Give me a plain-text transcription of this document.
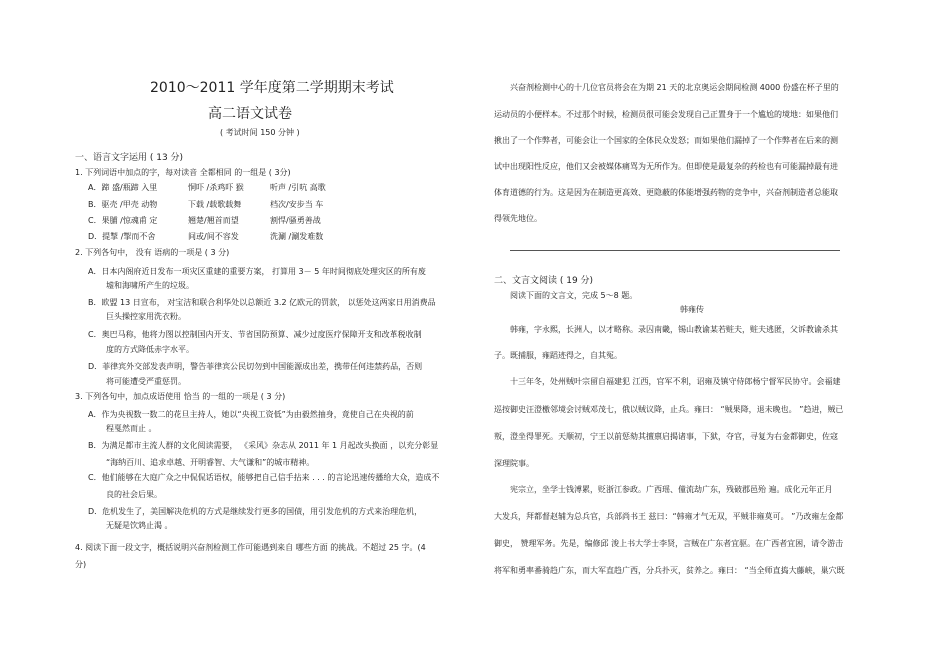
2010～2011 学年度第二学期期末考试
高二语文试卷
( 考试时间 150 分钟 )
一、语言文字运用 ( 13 分)
1. 下列词语中加点的字，每对读音 全都相同 的一组是 ( 3分)
A．蹄 盛/瓶蹄 入里	恫吓 /杀鸡吓 猴	听声 /引吭 高歌
B．驱壳 /甲壳 动物	下载 /载歌载舞	档次/安步当 车
C．果脯 /惊魂甫 定	翘楚/翘首而望	割悍/骚勇善战
D．提掣 /掣而不舍	间或/间不容发	洗涮 /涮发难数
2. 下列各句中， 没有 语病的一项是 ( 3 分)
A．日本内阁府近日发布一项灾区重建的重要方案， 打算用 3－ 5 年时间彻底处理灾区的所有废
墟和海啸所产生的垃圾。
B．欧盟 13 日宣布， 对宝洁和联合利华处以总额近 3.2 亿欧元的罚款， 以惩处这两家日用消费品
巨头操控家用洗衣粉。
C．奥巴马称，他将力图以控制国内开支、节省国防预算、减少过度医疗保障开支和改革税收制
度的方式降低赤字水平。
D．菲律宾外交部发表声明，警告菲律宾公民切勿到中国能源成出差，携带任何违禁药品，否则
将可能遭受严重惩罚。
3. 下列各句中，加点成语使用 恰当 的一组的一项是 ( 3 分)
A．作为央视数一数二的花旦主持人，她以“央视工资低”为由毅然抽身，竟使自己在央视的前
程戛然而止 。
B．为满足都市主流人群的文化阅读需要， 《采风》杂志从 2011 年 1 月起改头换面 ，以充分彰显
“海纳百川、追求卓越、开明睿智、大气谦和”的城市精神。
C．他们能够在大庭广众之中侃侃话语权，能够把自己信手拈来 . . . 的言论迅速传播给大众，造成不
良的社会后果。
D．危机发生了，美国解决危机的方式是继续发行更多的国债，用引发危机的方式来治理危机，
无疑是饮鸩止渴 。
4. 阅读下面一段文字，概括说明兴奋剂检测工作可能遇到来自 哪些方面 的挑战。不超过 25 字。(4
分)
兴奋剂检测中心的十几位官员将会在为期 21 天的北京奥运会期间检测 4000 份盛在杯子里的
运动员的小便样本。不过那个时候，检测员很可能会发现自己正置身于一个尴尬的境地：如果他们
揪出了一个作弊者，可能会让一个国家的全体民众发怒；而如果他们漏掉了一个作弊者在后来的测
试中出现阳性反应，他们又会被媒体痛骂为无所作为。但即使是最复杂的药检也有可能漏掉最有进
体育道德的行为。这是因为在制造更高效、更隐蔽的体能增强药物的竞争中，兴奋剂制造者总能取
得领先地位。
二、文言文阅读 ( 19 分)
阅读下面的文言文，完成 5～8 题。
韩雍传
韩雍，字永熙，长洲人，以才略称。录囚南畿，锡山教谕某若赃夫，赃夫逃匿，父诉教谕杀其
子。既捕服，雍蹈迹得之，自其冤。
十三年冬，处州贼叶宗留自福建犯 江西，官军不利，诏雍及镇守侍郎杨宁督军民协守。会福建
巡按御史汪澄檄邻境会讨贼邓茂七，俄以贼议降，止兵。雍曰： “贼果降，退未晚也。 ”趋进，贼已
叛，澄坐得罪死。天顺初，宁王以前惩劾其擅禀启揭诸事，下狱，夺官，寻复为右金都御史，佐寇
深理院事。
宪宗立，坐学士钱溥累，贬浙江参政。广西瑶、僮流劫广东，残破郡邑殆 遍。成化元年正月
大发兵，拜都督赵辅为总兵官，兵部尚书王 兹曰：“韩雍才气无双，平贼非雍莫可。 ”乃改雍左金都
御史， 赞理军务。先是，编修邱 浚上书大学士李贤，言贼在广东者宜驱。在广西者宜困，请令游击
将军和勇率番骑趋广东，而大军直趋广西，分兵扑灭，贫养之。雍曰： “当全师直捣大藤峡，巢穴既
